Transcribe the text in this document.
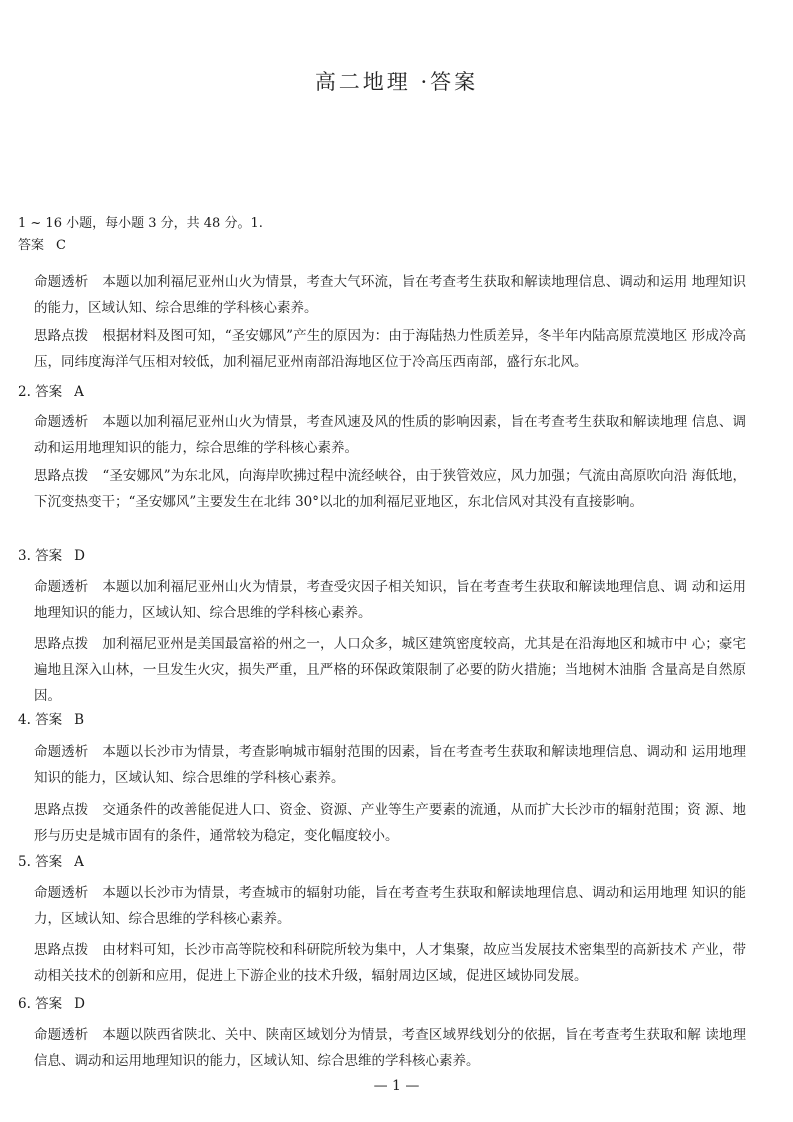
高二地理 ·答案
1 ~ 16 小题，每小题 3 分，共 48 分。1.
答案 C
命题透析 本题以加利福尼亚州山火为情景，考查大气环流，旨在考查考生获取和解读地理信息、调动和运用 地理知识的能力，区域认知、综合思维的学科核心素养。
思路点拨 根据材料及图可知，“圣安娜风”产生的原因为：由于海陆热力性质差异，冬半年内陆高原荒漠地区 形成冷高压，同纬度海洋气压相对较低，加利福尼亚州南部沿海地区位于冷高压西南部，盛行东北风。
2. 答案 A
命题透析 本题以加利福尼亚州山火为情景，考查风速及风的性质的影响因素，旨在考查考生获取和解读地理 信息、调动和运用地理知识的能力，综合思维的学科核心素养。
思路点拨 “圣安娜风”为东北风，向海岸吹拂过程中流经峡谷，由于狭管效应，风力加强；气流由高原吹向沿 海低地，下沉变热变干；“圣安娜风”主要发生在北纬 30°以北的加利福尼亚地区，东北信风对其没有直接影响。
3. 答案 D
命题透析 本题以加利福尼亚州山火为情景，考查受灾因子相关知识，旨在考查考生获取和解读地理信息、调 动和运用地理知识的能力，区域认知、综合思维的学科核心素养。
思路点拨 加利福尼亚州是美国最富裕的州之一，人口众多，城区建筑密度较高，尤其是在沿海地区和城市中 心；豪宅遍地且深入山林，一旦发生火灾，损失严重，且严格的环保政策限制了必要的防火措施；当地树木油脂 含量高是自然原因。
4. 答案 B
命题透析 本题以长沙市为情景，考查影响城市辐射范围的因素，旨在考查考生获取和解读地理信息、调动和 运用地理知识的能力，区域认知、综合思维的学科核心素养。
思路点拨 交通条件的改善能促进人口、资金、资源、产业等生产要素的流通，从而扩大长沙市的辐射范围；资 源、地形与历史是城市固有的条件，通常较为稳定，变化幅度较小。
5. 答案 A
命题透析 本题以长沙市为情景，考查城市的辐射功能，旨在考查考生获取和解读地理信息、调动和运用地理 知识的能力，区域认知、综合思维的学科核心素养。
思路点拨 由材料可知，长沙市高等院校和科研院所较为集中，人才集聚，故应当发展技术密集型的高新技术 产业，带动相关技术的创新和应用，促进上下游企业的技术升级，辐射周边区域，促进区域协同发展。
6. 答案 D
命题透析 本题以陕西省陕北、关中、陕南区域划分为情景，考查区域界线划分的依据，旨在考查考生获取和解 读地理信息、调动和运用地理知识的能力，区域认知、综合思维的学科核心素养。
— 1 —
